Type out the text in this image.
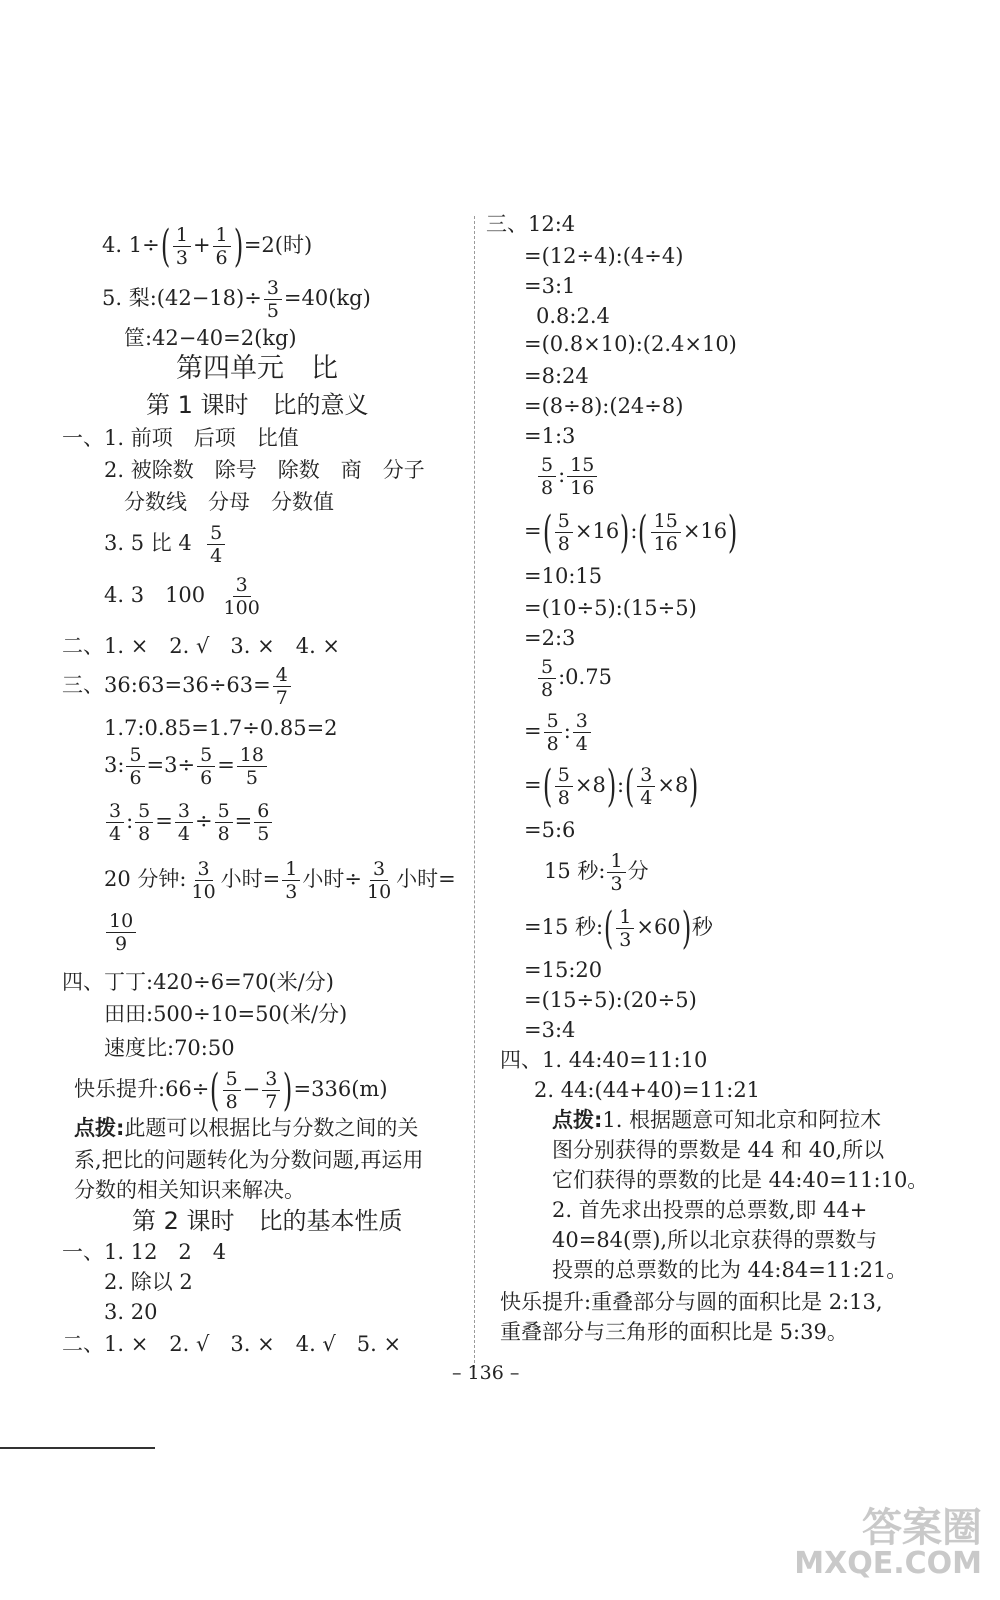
4. $1\div( \frac{1}{3} + \frac{1}{6} )=2$(时)
5. 梨:(42−18)÷ $\frac{3}{5} =40(kg)$
筐:42−40=2(kg)
第四单元　比
第 1 课时　比的意义
一、1. 前项　后项　比值
2. 被除数　除号　除数　商　分子
分数线　分母　分数值
3. 5 比 $4 \frac{5}{4}$
4. 3　$100 \frac{3}{100}$
二、1. ×　2. √　3. ×　4. ×
三、36:63=36÷63= $\frac{4}{7}$
1.7:0.85=1.7÷0.85=2
3: $\frac{5}{6} =3\div \frac{5}{6} = \frac{18}{5}$
$\frac{3}{4}$ : $\frac{5}{8} = \frac{3}{4} \div \frac{5}{8} = \frac{6}{5}$
20 分钟: $\frac{3}{10}$ 小时= $\frac{1}{3}$ 小时÷ $\frac{3}{10}$ 小时=
$\frac{10}{9}$
四、丁丁:420÷6=70(米/分)
田田:500÷10=50(米/分)
速度比:70:50
快乐提升:66÷( $\frac{5}{8} - \frac{3}{7} )=336(m)$
点拨:此题可以根据比与分数之间的关
系,把比的问题转化为分数问题,再运用
分数的相关知识来解决。
第 2 课时　比的基本性质
一、1. 12　2　4
2. 除以 2
3. 20
二、1. ×　2. √　3. ×　4. √　5. ×
三、12:4
=(12÷4):(4÷4)
=3:1
0.8:2.4
=(0.8×10):(2.4×10)
=8:24
=(8÷8):(24÷8)
=1:3
$\frac{5}{8}$ : $\frac{15}{16}$
=( $\frac{5}{8}$ ×16):( $\frac{15}{16} \times 16$)
=10:15
=(10÷5):(15÷5)
=2:3
$\frac{5}{8}$ :0.75
= $\frac{5}{8}$ : $\frac{3}{4}$
=( $\frac{5}{8}$ ×8):( $\frac{3}{4} \times 8$)
=5:6
15 秒: $\frac{1}{3}$ 分
=15 秒:( $\frac{1}{3} \times 60$)秒
=15:20
=(15÷5):(20÷5)
=3:4
四、1. 44:40=11:10
2. 44:(44+40)=11:21
点拨:1. 根据题意可知北京和阿拉木
图分别获得的票数是 44 和 40,所以
它们获得的票数的比是 44:40=11:10。
2. 首先求出投票的总票数,即 44+
40=84(票),所以北京获得的票数与
投票的总票数的比为 44:84=11:21。
快乐提升:重叠部分与圆的面积比是 2:13,
重叠部分与三角形的面积比是 5:39。
– 136 –
答案圈
MXQE.COM
